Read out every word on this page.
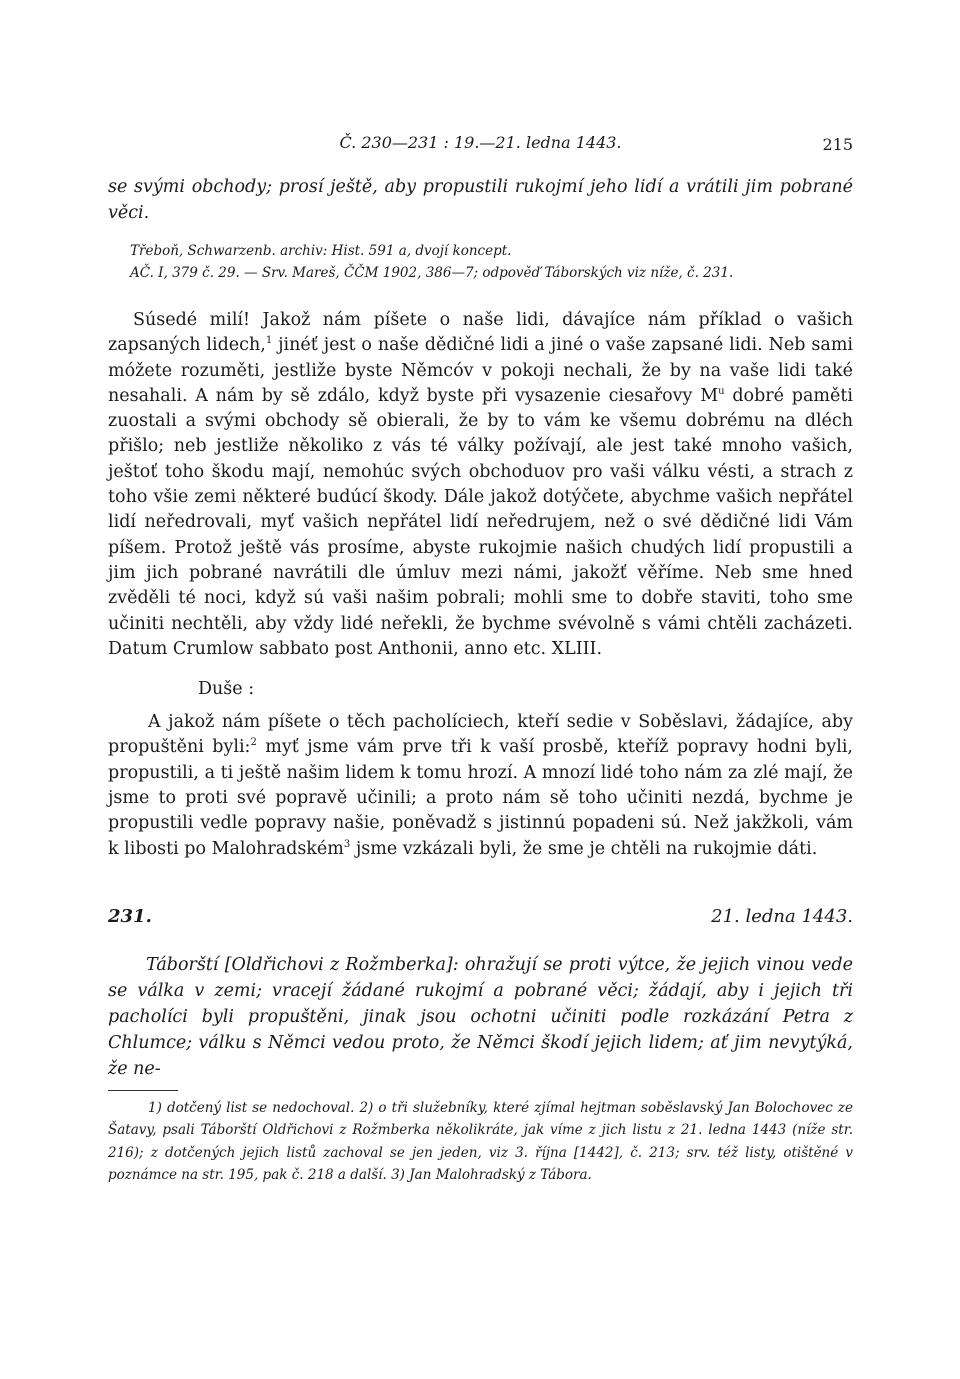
Č. 230—231 : 19.—21. ledna 1443.	215
se svými obchody; prosí ještě, aby propustili rukojmí jeho lidí a vrátili jim pobrané věci.
Třeboň, Schwarzenb. archiv: Hist. 591 a, dvojí koncept.
AČ. I, 379 č. 29. — Srv. Mareš, ČČM 1902, 386—7; odpověď Táborských viz níže, č. 231.
Súsedé milí! Jakož nám píšete o naše lidi, dávajíce nám příklad o vašich zapsaných lidech,$^1$ jinéť jest o naše dědičné lidi a jiné o vaše zapsané lidi. Neb sami móžete rozuměti, jestliže byste Němcóv v pokoji nechali, že by na vaše lidi také nesahali. A nám by sě zdálo, když byste při vysazenie ciesařovy $M^u$ dobré paměti zuostali a svými obchody sě obierali, že by to vám ke všemu dobrému na dléch přišlo; neb jestliže několiko z vás té války požívají, ale jest také mnoho vašich, ještoť toho škodu mají, nemohúc svých obchoduov pro vaši válku vésti, a strach z toho všie zemi některé budúcí škody. Dále jakož dotýčete, abychme vašich nepřátel lidí neředrovali, myť vašich nepřátel lidí neředrujem, než o své dědičné lidi Vám píšem. Protož ještě vás prosíme, abyste rukojmie našich chudých lidí propustili a jim jich pobrané navrátili dle úmluv mezi námi, jakožť věříme. Neb sme hned zvěděli té noci, když sú vaši našim pobrali; mohli sme to dobře staviti, toho sme učiniti nechtěli, aby vždy lidé neřekli, že bychme svévolně s vámi chtěli zacházeti. Datum Crumlow sabbato post Anthonii, anno etc. XLIII.
Duše :
A jakož nám píšete o těch pacholíciech, kteří sedie v Soběslavi, žádajíce, aby propuštěni byli:$^2$ myť jsme vám prve tři k vaší prosbě, kteříž popravy hodni byli, propustili, a ti ještě našim lidem k tomu hrozí. A mnozí lidé toho nám za zlé mají, že jsme to proti své popravě učinili; a proto nám sě toho učiniti nezdá, bychme je propustili vedle popravy našie, poněvadž s jistinnú popadeni sú. Než jakžkoli, vám k libosti po Malohradském$^3$ jsme vzkázali byli, že sme je chtěli na rukojmie dáti.
231.	21. ledna 1443.
Táborští [Oldřichovi z Rožmberka]: ohražují se proti výtce, že jejich vinou vede se válka v zemi; vracejí žádané rukojmí a pobrané věci; žádají, aby i jejich tři pacholíci byli propuštěni, jinak jsou ochotni učiniti podle rozkázání Petra z Chlumce; válku s Němci vedou proto, že Němci škodí jejich lidem; ať jim nevytýká, že ne-
1) dotčený list se nedochoval. 2) o tři služebníky, které zjímal hejtman soběslavský Jan Bolochovec ze Šatavy, psali Táborští Oldřichovi z Rožmberka několikráte, jak víme z jich listu z 21. ledna 1443 (níže str. 216); z dotčených jejich listů zachoval se jen jeden, viz 3. října [1442], č. 213; srv. též listy, otištěné v poznámce na str. 195, pak č. 218 a další. 3) Jan Malohradský z Tábora.
